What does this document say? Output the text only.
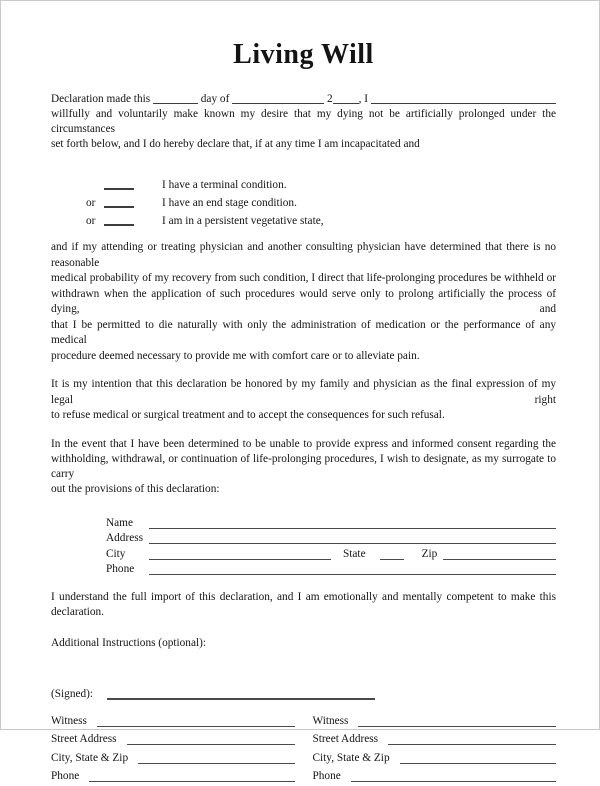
Living Will
Declaration made this

	day of

	2 , I

willfully and voluntarily make known my desire that my dying not be artificially prolonged under the circumstances
set forth below, and I do hereby declare that, if at any time I am incapacitated and
I have a terminal condition.
or	I have an end stage condition.
or	I am in a persistent vegetative state,
and if my attending or treating physician and another consulting physician have determined that there is no reasonable
medical probability of my recovery from such condition, I direct that life-prolonging procedures be withheld or
withdrawn when the application of such procedures would serve only to prolong artificially the process of dying, and
that I be permitted to die naturally with only the administration of medication or the performance of any medical
procedure deemed necessary to provide me with comfort care or to alleviate pain.
It is my intention that this declaration be honored by my family and physician as the final expression of my legal right
to refuse medical or surgical treatment and to accept the consequences for such refusal.
In the event that I have been determined to be unable to provide express and informed consent regarding the
withholding, withdrawal, or continuation of life-prolonging procedures, I wish to designate, as my surrogate to carry
out the provisions of this declaration:
Name
Address
City	State	Zip
Phone
I understand the full import of this declaration, and I am emotionally and mentally competent to make this
declaration.
Additional Instructions (optional):
(Signed):
Witness	Witness
Street Address	Street Address
City, State & Zip	City, State & Zip
Phone	Phone
